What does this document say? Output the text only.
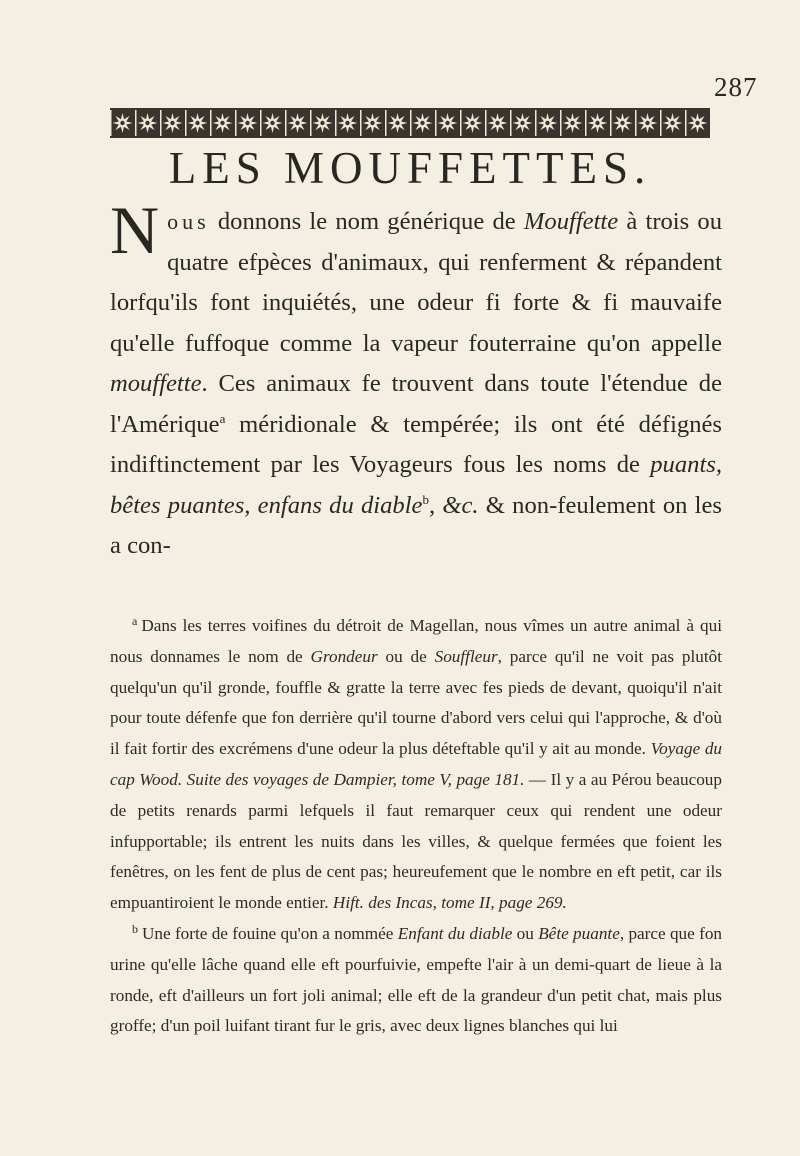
287
LES MOUFFETTES.
Nous donnons le nom générique de Mouffette à trois ou quatre efpèces d'animaux, qui renferment & répandent lorfqu'ils font inquiétés, une odeur fi forte & fi mauvaife qu'elle fuffoque comme la vapeur fouterraine qu'on appelle mouffette. Ces animaux fe trouvent dans toute l'étendue de l'Amérique$^a$ méridionale & tempérée; ils ont été défignés indiftinctement par les Voyageurs fous les noms de puants, bêtes puantes, enfans du diable$^b$, &c. & non-feulement on les a con-

$^a$ Dans les terres voifines du détroit de Magellan, nous vîmes un autre animal à qui nous donnames le nom de Grondeur ou de Souffleur, parce qu'il ne voit pas plutôt quelqu'un qu'il gronde, fouffle & gratte la terre avec fes pieds de devant, quoiqu'il n'ait pour toute défenfe que fon derrière qu'il tourne d'abord vers celui qui l'approche, & d'où il fait fortir des excrémens d'une odeur la plus déteftable qu'il y ait au monde. Voyage du cap Wood. Suite des voyages de Dampier, tome V, page 181. — Il y a au Pérou beaucoup de petits renards parmi lefquels il faut remarquer ceux qui rendent une odeur infupportable; ils entrent les nuits dans les villes, & quelque fermées que foient les fenêtres, on les fent de plus de cent pas; heureufement que le nombre en eft petit, car ils empuantiroient le monde entier. Hift. des Incas, tome II, page 269.

$^b$ Une forte de fouine qu'on a nommée Enfant du diable ou Bête puante, parce que fon urine qu'elle lâche quand elle eft pourfuivie, empefte l'air à un demi-quart de lieue à la ronde, eft d'ailleurs un fort joli animal; elle eft de la grandeur d'un petit chat, mais plus groffe; d'un poil luifant tirant fur le gris, avec deux lignes blanches qui lui
